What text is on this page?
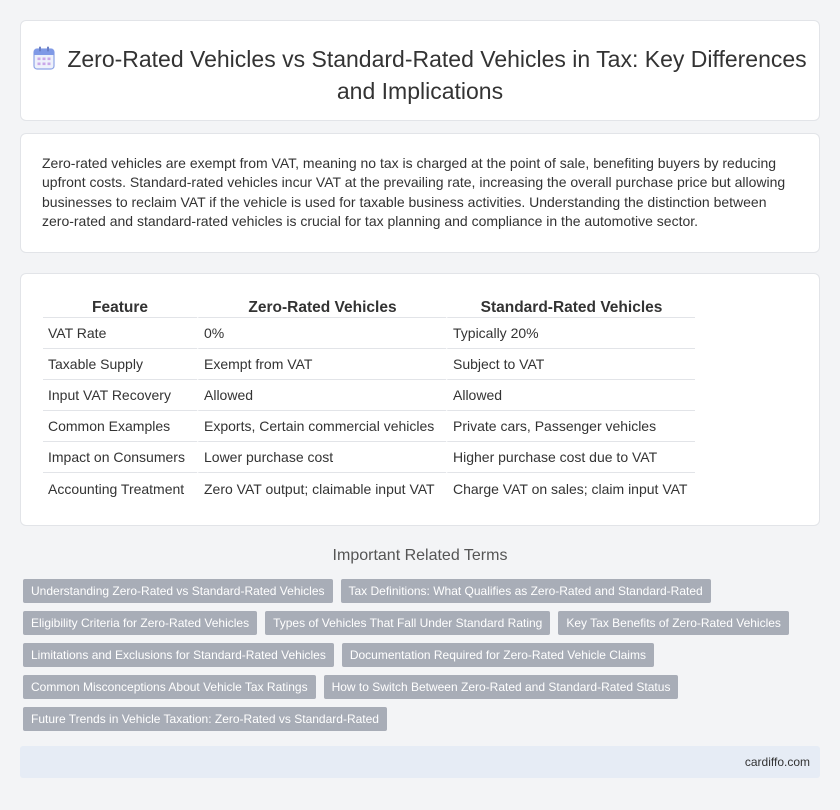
Zero-Rated Vehicles vs Standard-Rated Vehicles in Tax: Key Differences and Implications

Zero-rated vehicles are exempt from VAT, meaning no tax is charged at the point of sale, benefiting buyers by reducing upfront costs. Standard-rated vehicles incur VAT at the prevailing rate, increasing the overall purchase price but allowing businesses to reclaim VAT if the vehicle is used for taxable business activities. Understanding the distinction between zero-rated and standard-rated vehicles is crucial for tax planning and compliance in the automotive sector.

Feature	Zero-Rated Vehicles	Standard-Rated Vehicles
VAT Rate	0%	Typically 20%
Taxable Supply	Exempt from VAT	Subject to VAT
Input VAT Recovery	Allowed	Allowed
Common Examples	Exports, Certain commercial vehicles	Private cars, Passenger vehicles
Impact on Consumers	Lower purchase cost	Higher purchase cost due to VAT
Accounting Treatment	Zero VAT output; claimable input VAT	Charge VAT on sales; claim input VAT
Important Related Terms
Understanding Zero-Rated vs Standard-Rated Vehicles	Tax Definitions: What Qualifies as Zero-Rated and Standard-Rated
Eligibility Criteria for Zero-Rated Vehicles	Types of Vehicles That Fall Under Standard Rating	Key Tax Benefits of Zero-Rated Vehicles
Limitations and Exclusions for Standard-Rated Vehicles	Documentation Required for Zero-Rated Vehicle Claims
Common Misconceptions About Vehicle Tax Ratings	How to Switch Between Zero-Rated and Standard-Rated Status
Future Trends in Vehicle Taxation: Zero-Rated vs Standard-Rated
cardiffo.com
